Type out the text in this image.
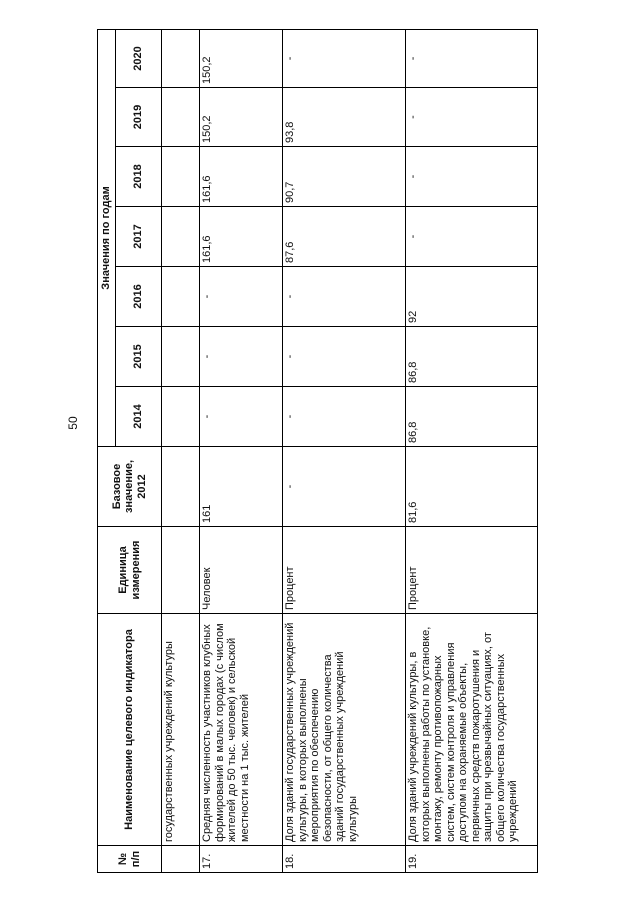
50
№ п/п	Наименование целевого индикатора	Единица измерения	Базовое значение, 2012	Значения по годам						
				2014	2015	2016	2017	2018	2019	2020
	государственных учреждений культуры									
17.	Средняя численность участников клубных формирований в малых городах (с числом жителей до 50 тыс. человек) и сельской местности на 1 тыс. жителей	Человек	161	-	-	-	161,6	161,6	150,2	150,2
18.	Доля зданий государственных учреждений культуры, в которых выполнены мероприятия по обеспечению безопасности, от общего количества зданий государственных учреждений культуры	Процент	-	-	-	-	87,6	90,7	93,8	-
19.	Доля зданий учреждений культуры, в которых выполнены работы по установке, монтажу, ремонту противопожарных систем, систем контроля и управления доступом на охраняемые объекты, первичных средств пожаротушения и защиты при чрезвычайных ситуациях, от общего количества государственных учреждений	Процент	81,6	86,8	86,8	92	-	-	-	-
